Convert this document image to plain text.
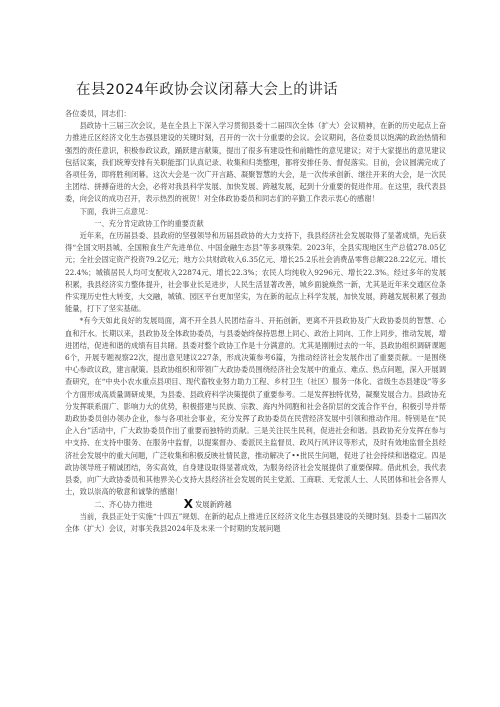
在县2024年政协会议闭幕大会上的讲话

各位委员，同志们：

县政协十三届三次会议，是在全县上下深入学习贯彻县委十二届四次全体（扩大）会议精神，在新的历史起点上奋力推进丘区经济文化生态强县建设的关键时刻，召开的一次十分重要的会议。会议期间，各位委员以饱满的政治热情和强烈的责任意识，积极参政议政，踊跃建言献策，提出了很多有建设性和前瞻性的意见建议；对于大家提出的意见建议包括议案，我们统筹安排有关职能部门认真记录、收集和归类整理，都将安排任务、督促落实。目前，会议圆满完成了各项任务，即将胜利闭幕。这次大会是一次广开言路、凝聚智慧的大会，是一次传承创新、继往开来的大会，是一次民主团结、拼搏奋进的大会，必将对我县科学发展、加快发展、跨越发展，起到十分重要的促进作用。在这里，我代表县委，向会议的成功召开，表示热烈的祝贺！对全体政协委员和同志们的辛勤工作表示衷心的感谢！

下面，我讲三点意见：

一、充分肯定政协工作的重要贡献

近年来，在历届县委、县政府的坚强领导和历届县政协的大力支持下，我县经济社会发展取得了显著成绩，先后获得“全国文明县城、全国粮食生产先进单位、中国金融生态县”等多项殊荣。2023年，全县实现地区生产总值278.05亿元；全社会固定资产投资79.2亿元；地方公共财政收入6.35亿元、增长25.2乐社会消费品零售总额228.22亿元、增长22.4%；城镇居民人均可支配收入22874元、增长22.3%；农民人均纯收入9296元、增长22.3%。经过多年的发展积累，我县经济实力整体提升，社会事业长足进步，人民生活显著改善，城乡面貌焕然一新，尤其是近年来交通区位条件实现历史性大转变，大交融，城镇、园区平台更加坚实，为在新的起点上科学发展，加快发展，跨越发展积累了强劲能量，打下了坚实基础。

*有今天如此良好的发展局面，离不开全县人民团结奋斗、开拓创新，更离不开县政协及广大政协委员的智慧、心血和汗水。长期以来，县政协及全体政协委员，与县委始终保持思想上同心、政治上同向、工作上同步，推动发展，增进团结，促进和谐的成绩有目共睹。县委对整个政协工作是十分满意的。尤其是刚刚过去的一年，县政协组织调研课题6个，开展专题视察22次，提出意见建议227条，形成决策参考6篇，为推动经济社会发展作出了重要贡献。一是围绕中心参政议政，建言献策。县政协组织和带领广大政协委员围绕经济社会发展中的重点、难点、热点问题，深入开展调查研究，在“中央小农水重点县项目、现代畜牧业努力助力工程、乡村卫生（社区）服务一体化、省级生态县建设”等多个方面形成高质量调研成果，为县委、县政府科学决策提供了重要参考。二是发挥独特优势，凝聚发展合力。县政协充分发挥联系面广、影响力大的优势，积极搭建与民族、宗教、海内外同胞和社会各阶层的交流合作平台，积极引导并帮助政协委员创办领办企业，参与各项社会事业，充分发挥了政协委员在民营经济发展中引领和推动作用。特别是在“民企入台”活动中，广大政协委员作出了重要而独特的贡献。三是关注民生民利，促进社会和谐。县政协充分发挥在参与中支持、在支持中服务、在服务中监督，以提案督办、委派民主监督员、政风行风评议等形式，及时有效地监督全县经济社会发展中的重大问题，广泛收集和积极反映社情民意，推动解决了••批民生问题，促进了社会持续和谐稳定。四是政协领导班子精诚团结，务实高效，自身建设取得显著成效，为服务经济社会发展提供了重要保障。借此机会，我代表县委，向广大政协委员和其他界关心支持大县经济社会发展的民主党派、工商联、无党派人士、人民团体和社会各界人士，致以崇高的敬意和诚挚的感谢！

二、齐心协力推进	X 发展新跨越

当前，我县正处于实施“十四五”规划、在新的起点上推进丘区经济文化生态强县建设的关键时刻。县委十二届四次全体（扩大）会议，对事关我县2024年及未来一个时期的发展问题
